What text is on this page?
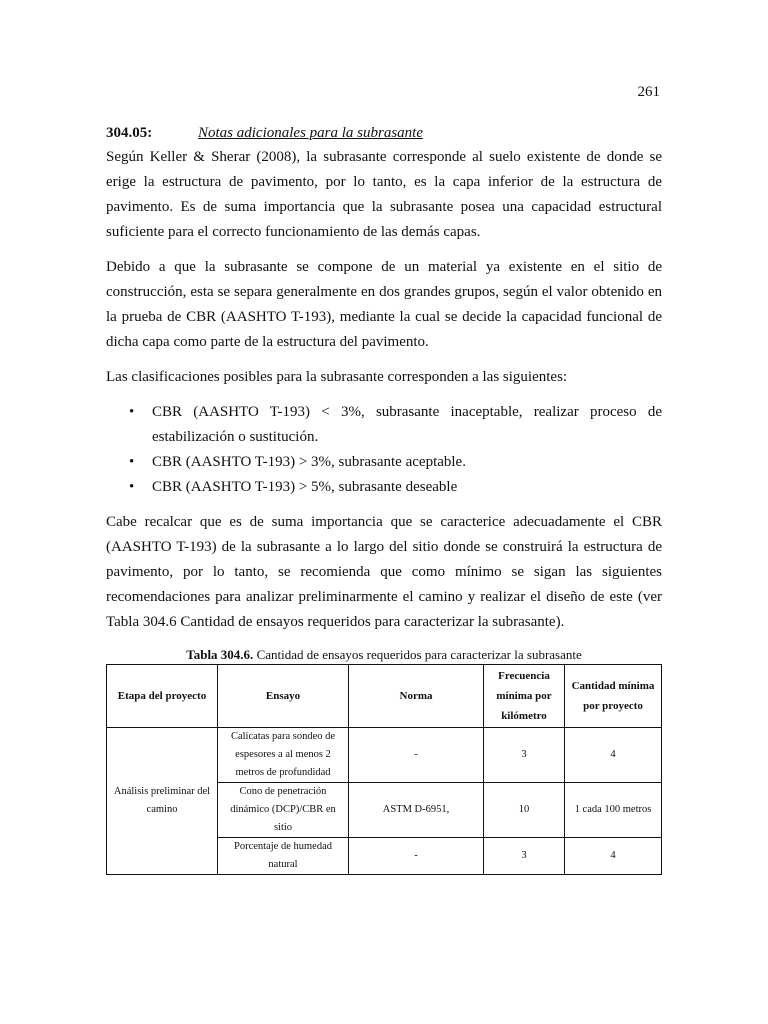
261
304.05:	Notas adicionales para la subrasante

Según Keller & Sherar (2008), la subrasante corresponde al suelo existente de donde se erige la estructura de pavimento, por lo tanto, es la capa inferior de la estructura de pavimento. Es de suma importancia que la subrasante posea una capacidad estructural suficiente para el correcto funcionamiento de las demás capas.

Debido a que la subrasante se compone de un material ya existente en el sitio de construcción, esta se separa generalmente en dos grandes grupos, según el valor obtenido en la prueba de CBR (AASHTO T-193), mediante la cual se decide la capacidad funcional de dicha capa como parte de la estructura del pavimento.

Las clasificaciones posibles para la subrasante corresponden a las siguientes:

• CBR (AASHTO T-193) < 3%, subrasante inaceptable, realizar proceso de estabilización o sustitución.
• CBR (AASHTO T-193) > 3%, subrasante aceptable.
• CBR (AASHTO T-193) > 5%, subrasante deseable

Cabe recalcar que es de suma importancia que se caracterice adecuadamente el CBR (AASHTO T-193) de la subrasante a lo largo del sitio donde se construirá la estructura de pavimento, por lo tanto, se recomienda que como mínimo se sigan las siguientes recomendaciones para analizar preliminarmente el camino y realizar el diseño de este (ver Tabla 304.6 Cantidad de ensayos requeridos para caracterizar la subrasante).

Tabla 304.6. Cantidad de ensayos requeridos para caracterizar la subrasante
Etapa del proyecto	Ensayo	Norma	Frecuencia mínima por kilómetro	Cantidad mínima por proyecto
Análisis preliminar del camino	Calicatas para sondeo de espesores a al menos 2 metros de profundidad	-	3	4
	Cono de penetración dinámico (DCP)/CBR en sitio	ASTM D-6951,	10	1 cada 100 metros
	Porcentaje de humedad natural	-	3	4
